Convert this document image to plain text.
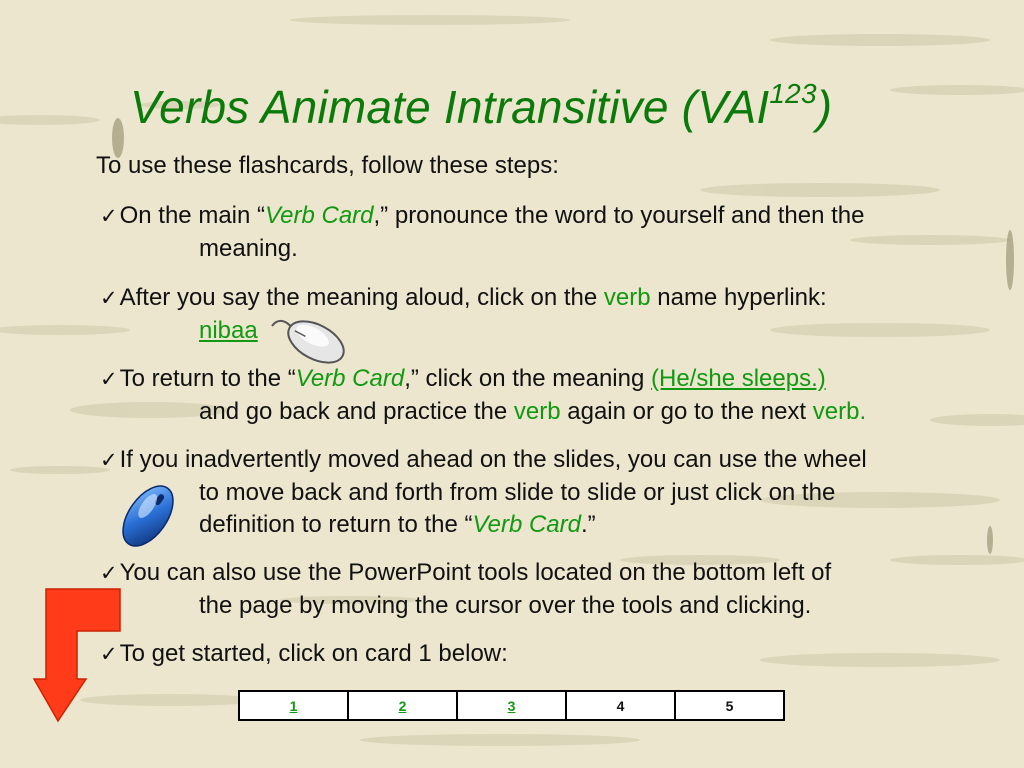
Verbs Animate Intransitive (VAI$^{123}$)
To use these flashcards, follow these steps:
✓On the main “Verb Card,” pronounce the word to yourself and then the
meaning.
✓After you say the meaning aloud, click on the verb name hyperlink:
nibaa
✓To return to the “Verb Card,” click on the meaning (He/she sleeps.)
and go back and practice the verb again or go to the next verb.
✓If you inadvertently moved ahead on the slides, you can use the wheel
to move back and forth from slide to slide or just click on the
definition to return to the “Verb Card.”
✓You can also use the PowerPoint tools located on the bottom left of
the page by moving the cursor over the tools and clicking.
✓To get started, click on card 1 below:
1	2	3	4	5
